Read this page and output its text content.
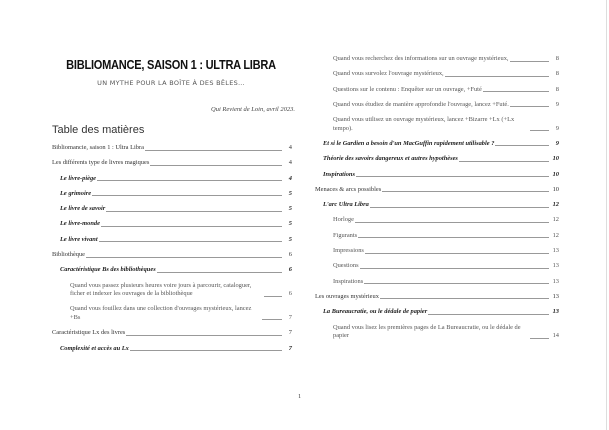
BIBLIOMANCE, SAISON 1 : ULTRA LIBRA
UN MYTHE POUR LA BOÎTE À DES BÊLES…
Qui Revient de Loin, avril 2023.
Table des matières
Bibliomancie, saison 1 : Ultra Libra	4
Les différents type de livres magiques	4
Le livre-piège	4
Le grimoire	5
Le livre de savoir	5
Le livre-monde	5
Le livre vivant	5
Bibliothèque	6
Caractéristique Bs des bibliothèques	6
Quand vous passez plusieurs heures voire jours à parcourir, cataloguer, ficher et indexer les ouvrages de la bibliothèque	6
Quand vous fouillez dans une collection d'ouvrages mystérieux, lancez +Bs	7
Caractéristique Lx des livres	7
Complexité et accès au Lx	7
1
Quand vous recherchez des informations sur un ouvrage mystérieux,	8
Quand vous survolez l'ouvrage mystérieux,	8
Questions sur le contenu : Enquêter sur un ouvrage, +Futé	8
Quand vous étudiez de manière approfondie l'ouvrage, lancez +Futé.	9
Quand vous utilisez un ouvrage mystérieux, lancez +Bizarre +Lx (+Lx tempo).	9
Et si le Gardien a besoin d'un MacGuffin rapidement utilisable ?	9
Théorie des savoirs dangereux et autres hypothèses	10
Inspirations	10
Menaces & arcs possibles	10
L'arc Ultra Libra	12
Horloge	12
Figurants	12
Impressions	13
Questions	13
Inspirations	13
Les ouvrages mystérieux	13
La Bureaucratie, ou le dédale de papier	13
Quand vous lisez les premières pages de La Bureaucratie, ou le dédale de papier	14
